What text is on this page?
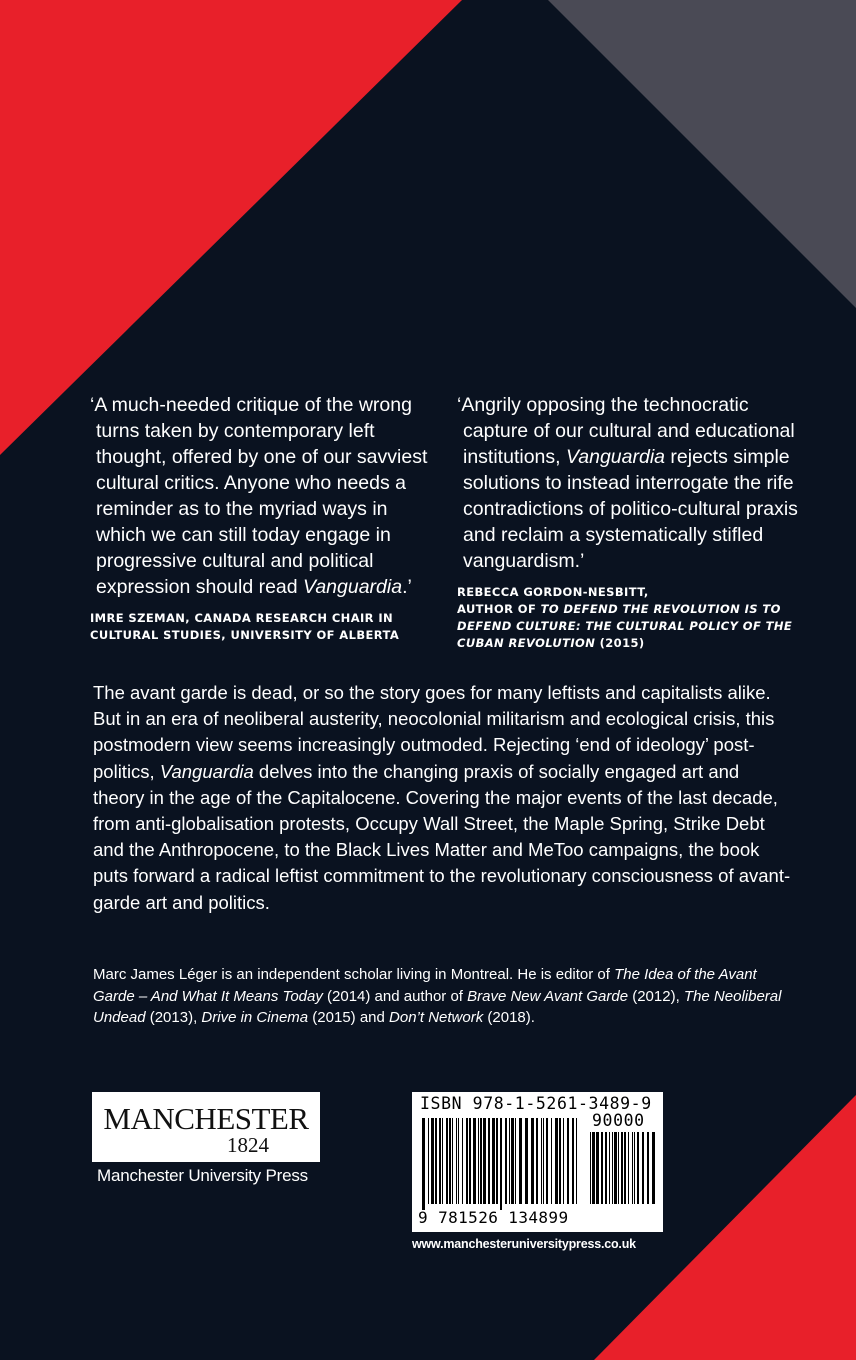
‘A much-needed critique of the wrong turns taken by contemporary left thought, offered by one of our savviest cultural critics. Anyone who needs a reminder as to the myriad ways in which we can still today engage in progressive cultural and political expression should read Vanguardia.’

IMRE SZEMAN, CANADA RESEARCH CHAIR IN CULTURAL STUDIES, UNIVERSITY OF ALBERTA

‘Angrily opposing the technocratic capture of our cultural and educational institutions, Vanguardia rejects simple solutions to instead interrogate the rife contradictions of politico-cultural praxis and reclaim a systematically stifled vanguardism.’

REBECCA GORDON-NESBITT,
AUTHOR OF TO DEFEND THE REVOLUTION IS TO DEFEND CULTURE: THE CULTURAL POLICY OF THE CUBAN REVOLUTION (2015)

The avant garde is dead, or so the story goes for many leftists and capitalists alike. But in an era of neoliberal austerity, neocolonial militarism and ecological crisis, this postmodern view seems increasingly outmoded. Rejecting ‘end of ideology’ post-politics, Vanguardia delves into the changing praxis of socially engaged art and theory in the age of the Capitalocene. Covering the major events of the last decade, from anti-globalisation protests, Occupy Wall Street, the Maple Spring, Strike Debt and the Anthropocene, to the Black Lives Matter and MeToo campaigns, the book puts forward a radical leftist commitment to the revolutionary consciousness of avant-garde art and politics.

Marc James Léger is an independent scholar living in Montreal. He is editor of The Idea of the Avant Garde – And What It Means Today (2014) and author of Brave New Avant Garde (2012), The Neoliberal Undead (2013), Drive in Cinema (2015) and Don’t Network (2018).

MANCHESTER
1824
Manchester University Press
ISBN 978-1-5261-3489-9
90000
9 781526 134899
www.manchesteruniversitypress.co.uk
